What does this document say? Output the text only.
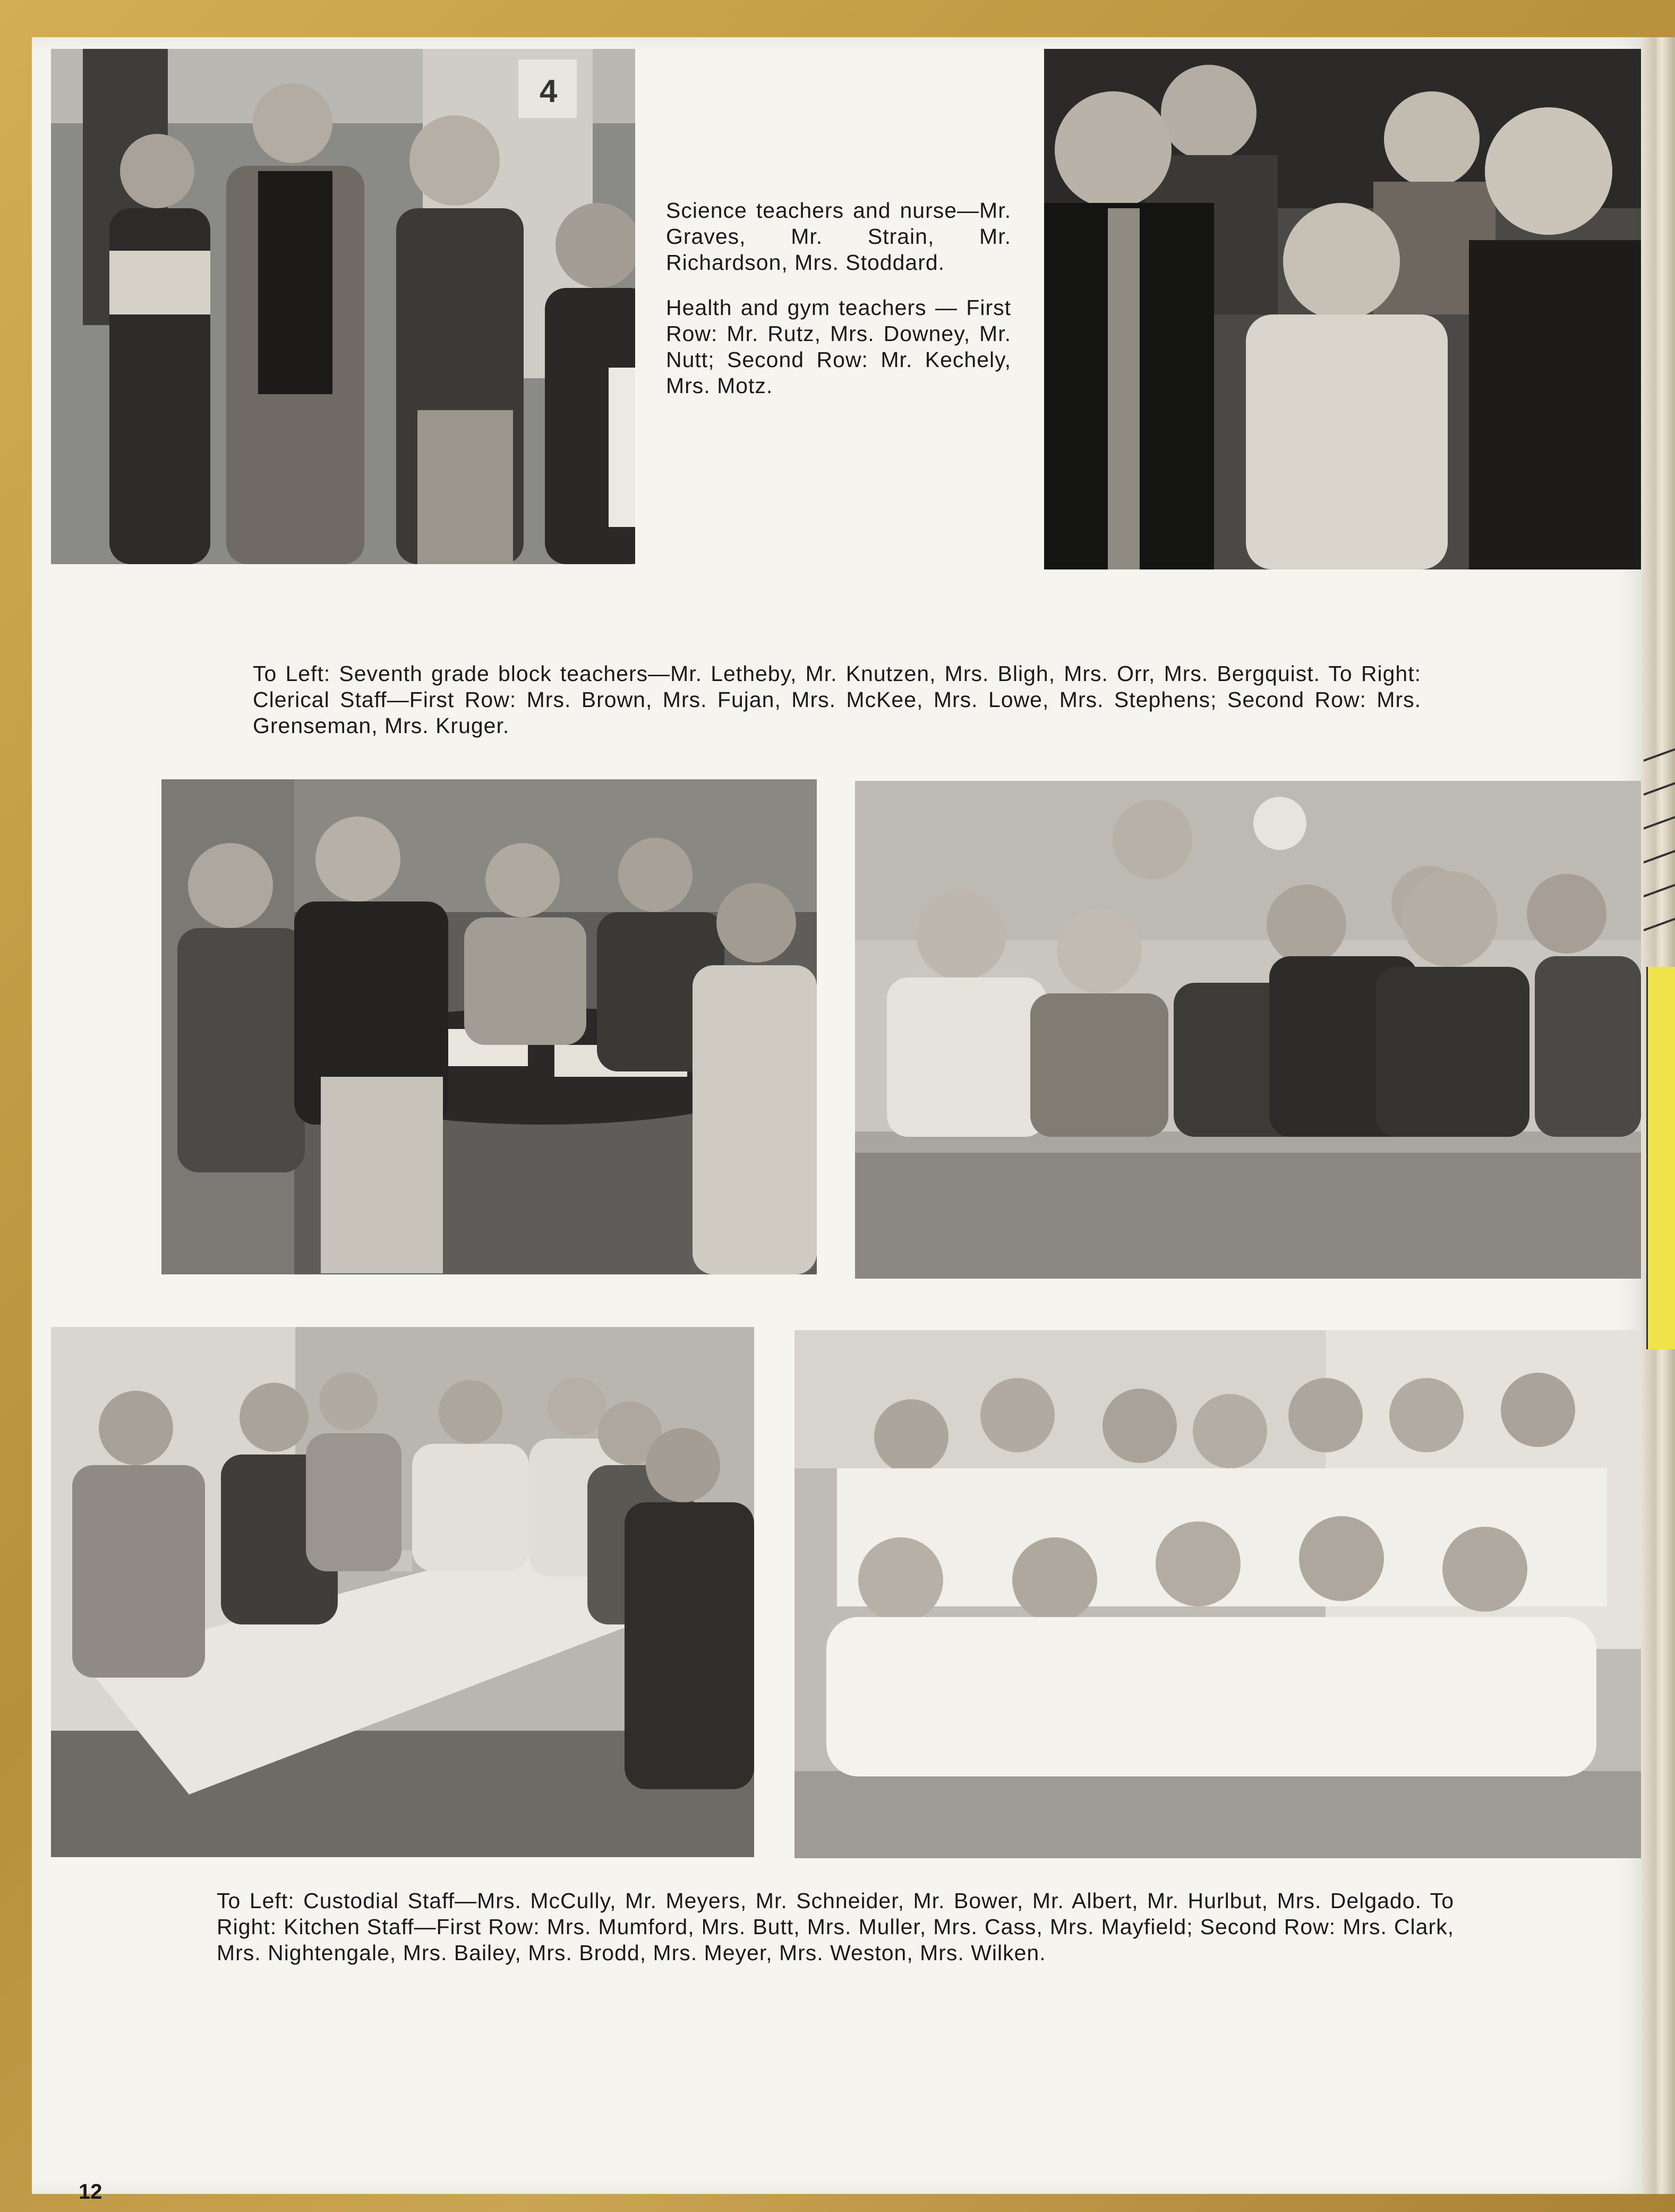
4

Science teachers and nurse—Mr. Graves, Mr. Strain, Mr. Richardson, Mrs. Stoddard.

Health and gym teachers — First Row: Mr. Rutz, Mrs. Downey, Mr. Nutt; Second Row: Mr. Kechely, Mrs. Motz.

To Left: Seventh grade block teachers—Mr. Letheby, Mr. Knutzen, Mrs. Bligh, Mrs. Orr, Mrs. Bergquist. To Right: Clerical Staff—First Row: Mrs. Brown, Mrs. Fujan, Mrs. McKee, Mrs. Lowe, Mrs. Stephens; Second Row: Mrs. Grenseman, Mrs. Kruger.

To Left: Custodial Staff—Mrs. McCully, Mr. Meyers, Mr. Schneider, Mr. Bower, Mr. Albert, Mr. Hurlbut, Mrs. Delgado. To Right: Kitchen Staff—First Row: Mrs. Mumford, Mrs. Butt, Mrs. Muller, Mrs. Cass, Mrs. Mayfield; Second Row: Mrs. Clark, Mrs. Nightengale, Mrs. Bailey, Mrs. Brodd, Mrs. Meyer, Mrs. Weston, Mrs. Wilken.

12
